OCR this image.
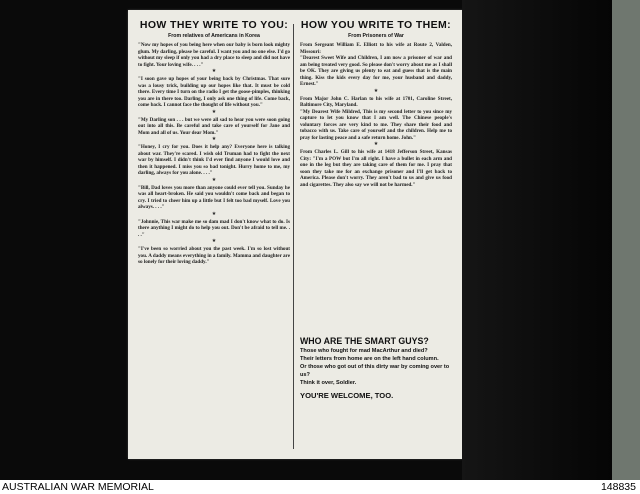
HOW THEY WRITE TO YOU:
From relatives of Americans in Korea

"Now my hopes of you being here when our baby is born look mighty glum. My darling, please be careful. I want you and no one else. I'd go without my sleep if only you had a dry place to sleep and did not have to fight. Your loving wife. . . ."

★

"I soon gave up hopes of your being back by Christmas. That sure was a lousy trick, building up our hopes like that. It must be cold there. Every time I turn on the radio I get the goose-pimples, thinking you are in there too. Darling, I only ask one thing of life. Come back, come back. I cannot face the thought of life without you."

★

"My Darling son . . . but we were all sad to hear you were soon going out into all this. Be careful and take care of yourself for Jane and Mom and all of us. Your dear Mom."

★

"Honey, I cry for you. Does it help any? Everyone here is talking about war. They're scared. I wish old Truman had to fight the next war by himself. I didn't think I'd ever find anyone I would love and then it happened. I miss you so bad tonight. Hurry home to me, my darling, always for you alone. . . ."

★

"Bill, Dad loves you more than anyone could ever tell you. Sunday he was all heart-broken. He said you wouldn't come back and began to cry. I tried to cheer him up a little but I felt too bad myself. Love you always. . . ."

★

"Johnnie, This war make me so dam mad I don't know what to do. Is there anything I might do to help you out. Don't be afraid to tell me. . . ."

★

"I've been so worried about you the past week. I'm so lost without you. A daddy means everything in a family. Mamma and daughter are so lonely for their loving daddy."

HOW YOU WRITE TO THEM:
From Prisoners of War

From Sergeant William E. Elliott to his wife at Route 2, Valden, Missouri:

"Dearest Sweet Wife and Children, I am now a prisoner of war and am being treated very good. So please don't worry about me as I shall be OK. They are giving us plenty to eat and guess that is the main thing. Kiss the kids every day for me, your husband and daddy, Ernest."

★

From Major John C. Harlan to his wife at 1701, Caroline Street, Baltimore City, Maryland.

"My Dearest Wife Mildred, This is my second letter to you since my capture to let you know that I am well. The Chinese people's voluntary forces are very kind to me. They share their food and tobacco with us. Take care of yourself and the children. Help me to pray for lasting peace and a safe return home. John."

★

From Charles L. Gill to his wife at 1418 Jefferson Street, Kansas City: "I'm a POW but I'm all right. I have a bullet in each arm and one in the leg but they are taking care of them for me. I pray that soon they take me for an exchange prisoner and I'll get back to America. Please don't worry. They aren't bad to us and give us food and cigarettes. They also say we will not be harmed."

WHO ARE THE SMART GUYS?
Those who fought for mad MacArthur and died?
Their letters from home are on the left hand column.
Or those who got out of this dirty war by coming over to us?
Think it over, Soldier.
YOU'RE WELCOME, TOO.
AUSTRALIAN WAR MEMORIAL	148835
